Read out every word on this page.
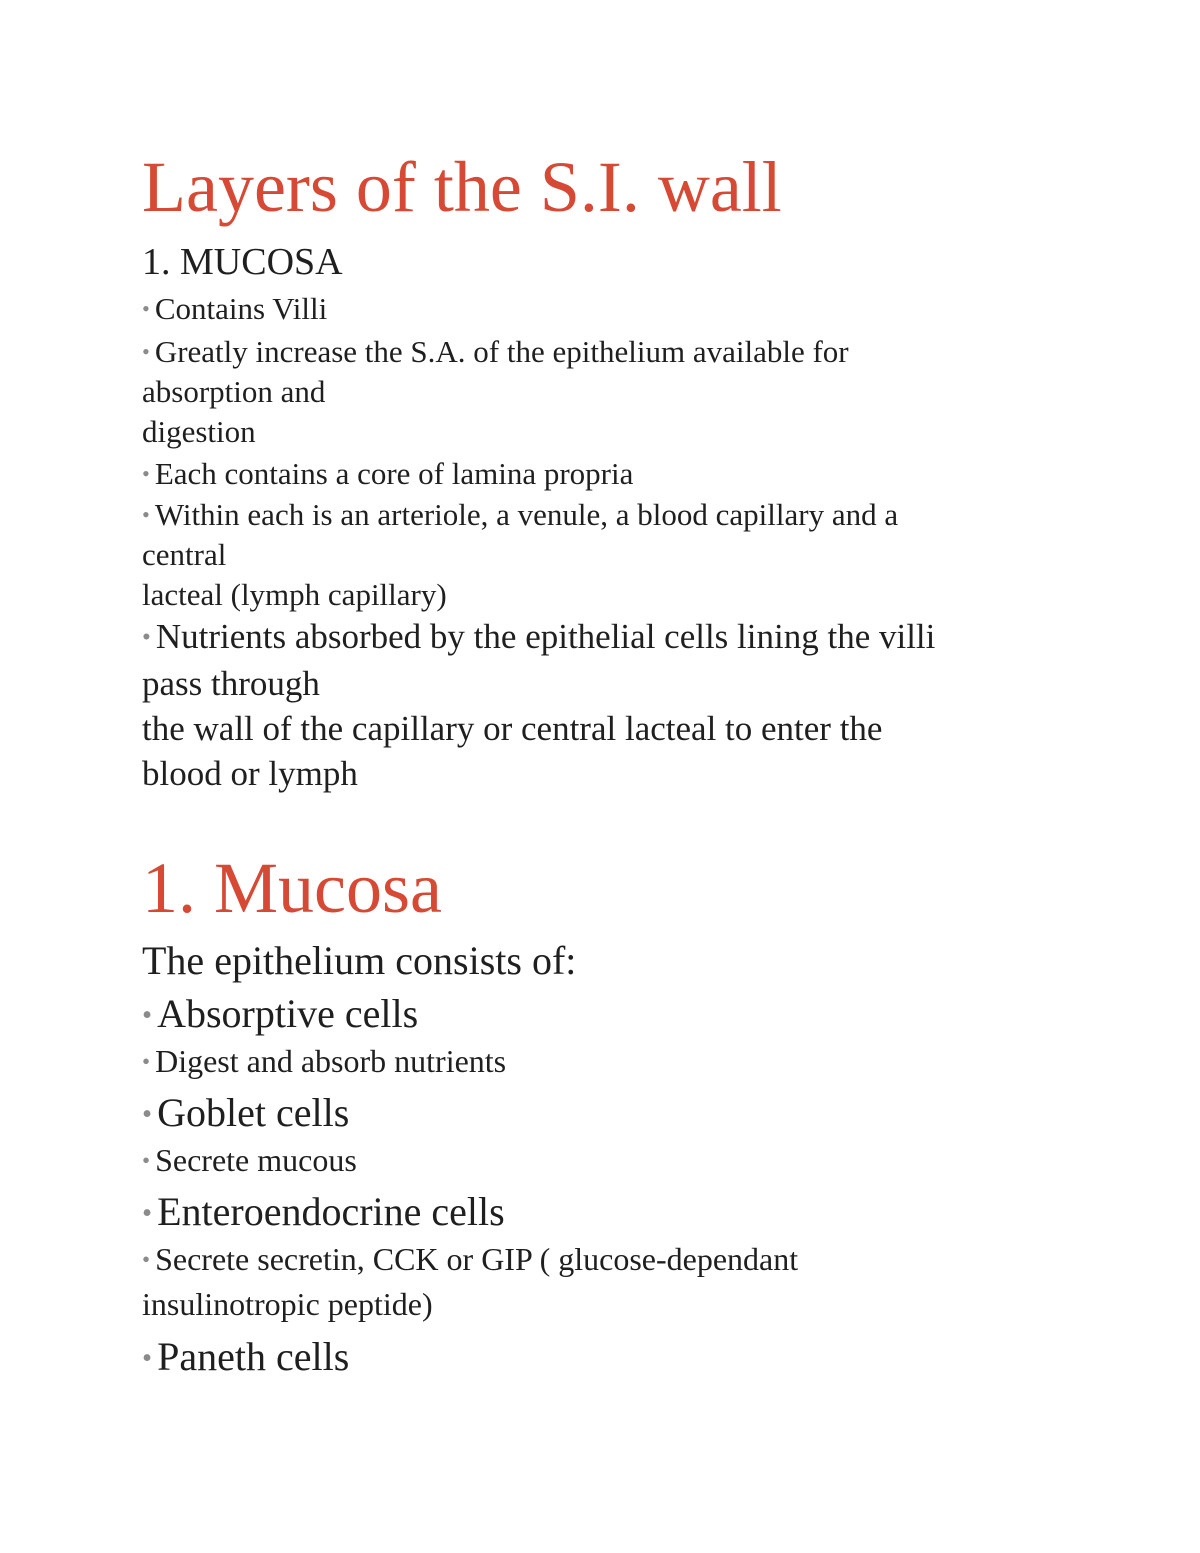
Layers of the S.I. wall
1. MUCOSA
• Contains Villi
• Greatly increase the S.A. of the epithelium available for
absorption and
digestion
• Each contains a core of lamina propria
• Within each is an arteriole, a venule, a blood capillary and a
central
lacteal (lymph capillary)
• Nutrients absorbed by the epithelial cells lining the villi
pass through
the wall of the capillary or central lacteal to enter the
blood or lymph
1. Mucosa
The epithelium consists of:
• Absorptive cells
• Digest and absorb nutrients
• Goblet cells
• Secrete mucous
• Enteroendocrine cells
• Secrete secretin, CCK or GIP ( glucose-dependant
insulinotropic peptide)
• Paneth cells
